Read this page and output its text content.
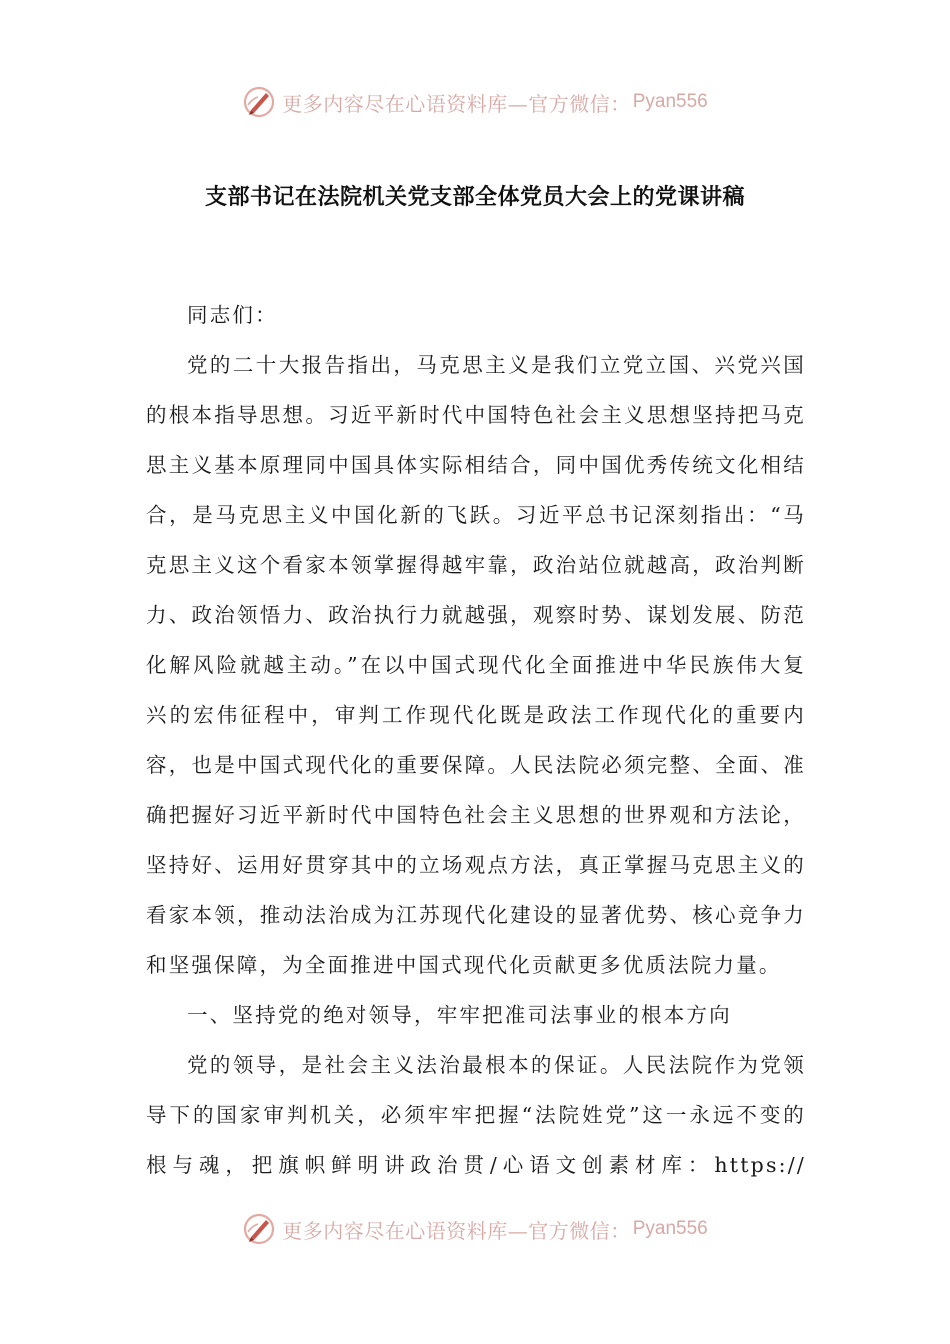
更多内容尽在心语资料库—官方微信： Pyan556
支部书记在法院机关党支部全体党员大会上的党课讲稿

同志们：

党的二十大报告指出，马克思主义是我们立党立国、兴党兴国的根本指导思想。习近平新时代中国特色社会主义思想坚持把马克思主义基本原理同中国具体实际相结合，同中国优秀传统文化相结合，是马克思主义中国化新的飞跃。习近平总书记深刻指出：“马克思主义这个看家本领掌握得越牢靠，政治站位就越高，政治判断力、政治领悟力、政治执行力就越强，观察时势、谋划发展、防范化解风险就越主动。”在以中国式现代化全面推进中华民族伟大复兴的宏伟征程中，审判工作现代化既是政法工作现代化的重要内容，也是中国式现代化的重要保障。人民法院必须完整、全面、准确把握好习近平新时代中国特色社会主义思想的世界观和方法论，坚持好、运用好贯穿其中的立场观点方法，真正掌握马克思主义的看家本领，推动法治成为江苏现代化建设的显著优势、核心竞争力和坚强保障，为全面推进中国式现代化贡献更多优质法院力量。

一、坚持党的绝对领导，牢牢把准司法事业的根本方向

党的领导，是社会主义法治最根本的保证。人民法院作为党领导下的国家审判机关，必须牢牢把握“法院姓党”这一永远不变的根与魂，把旗帜鲜明讲政治贯/心语文创素材库：https://

更多内容尽在心语资料库—官方微信： Pyan556
